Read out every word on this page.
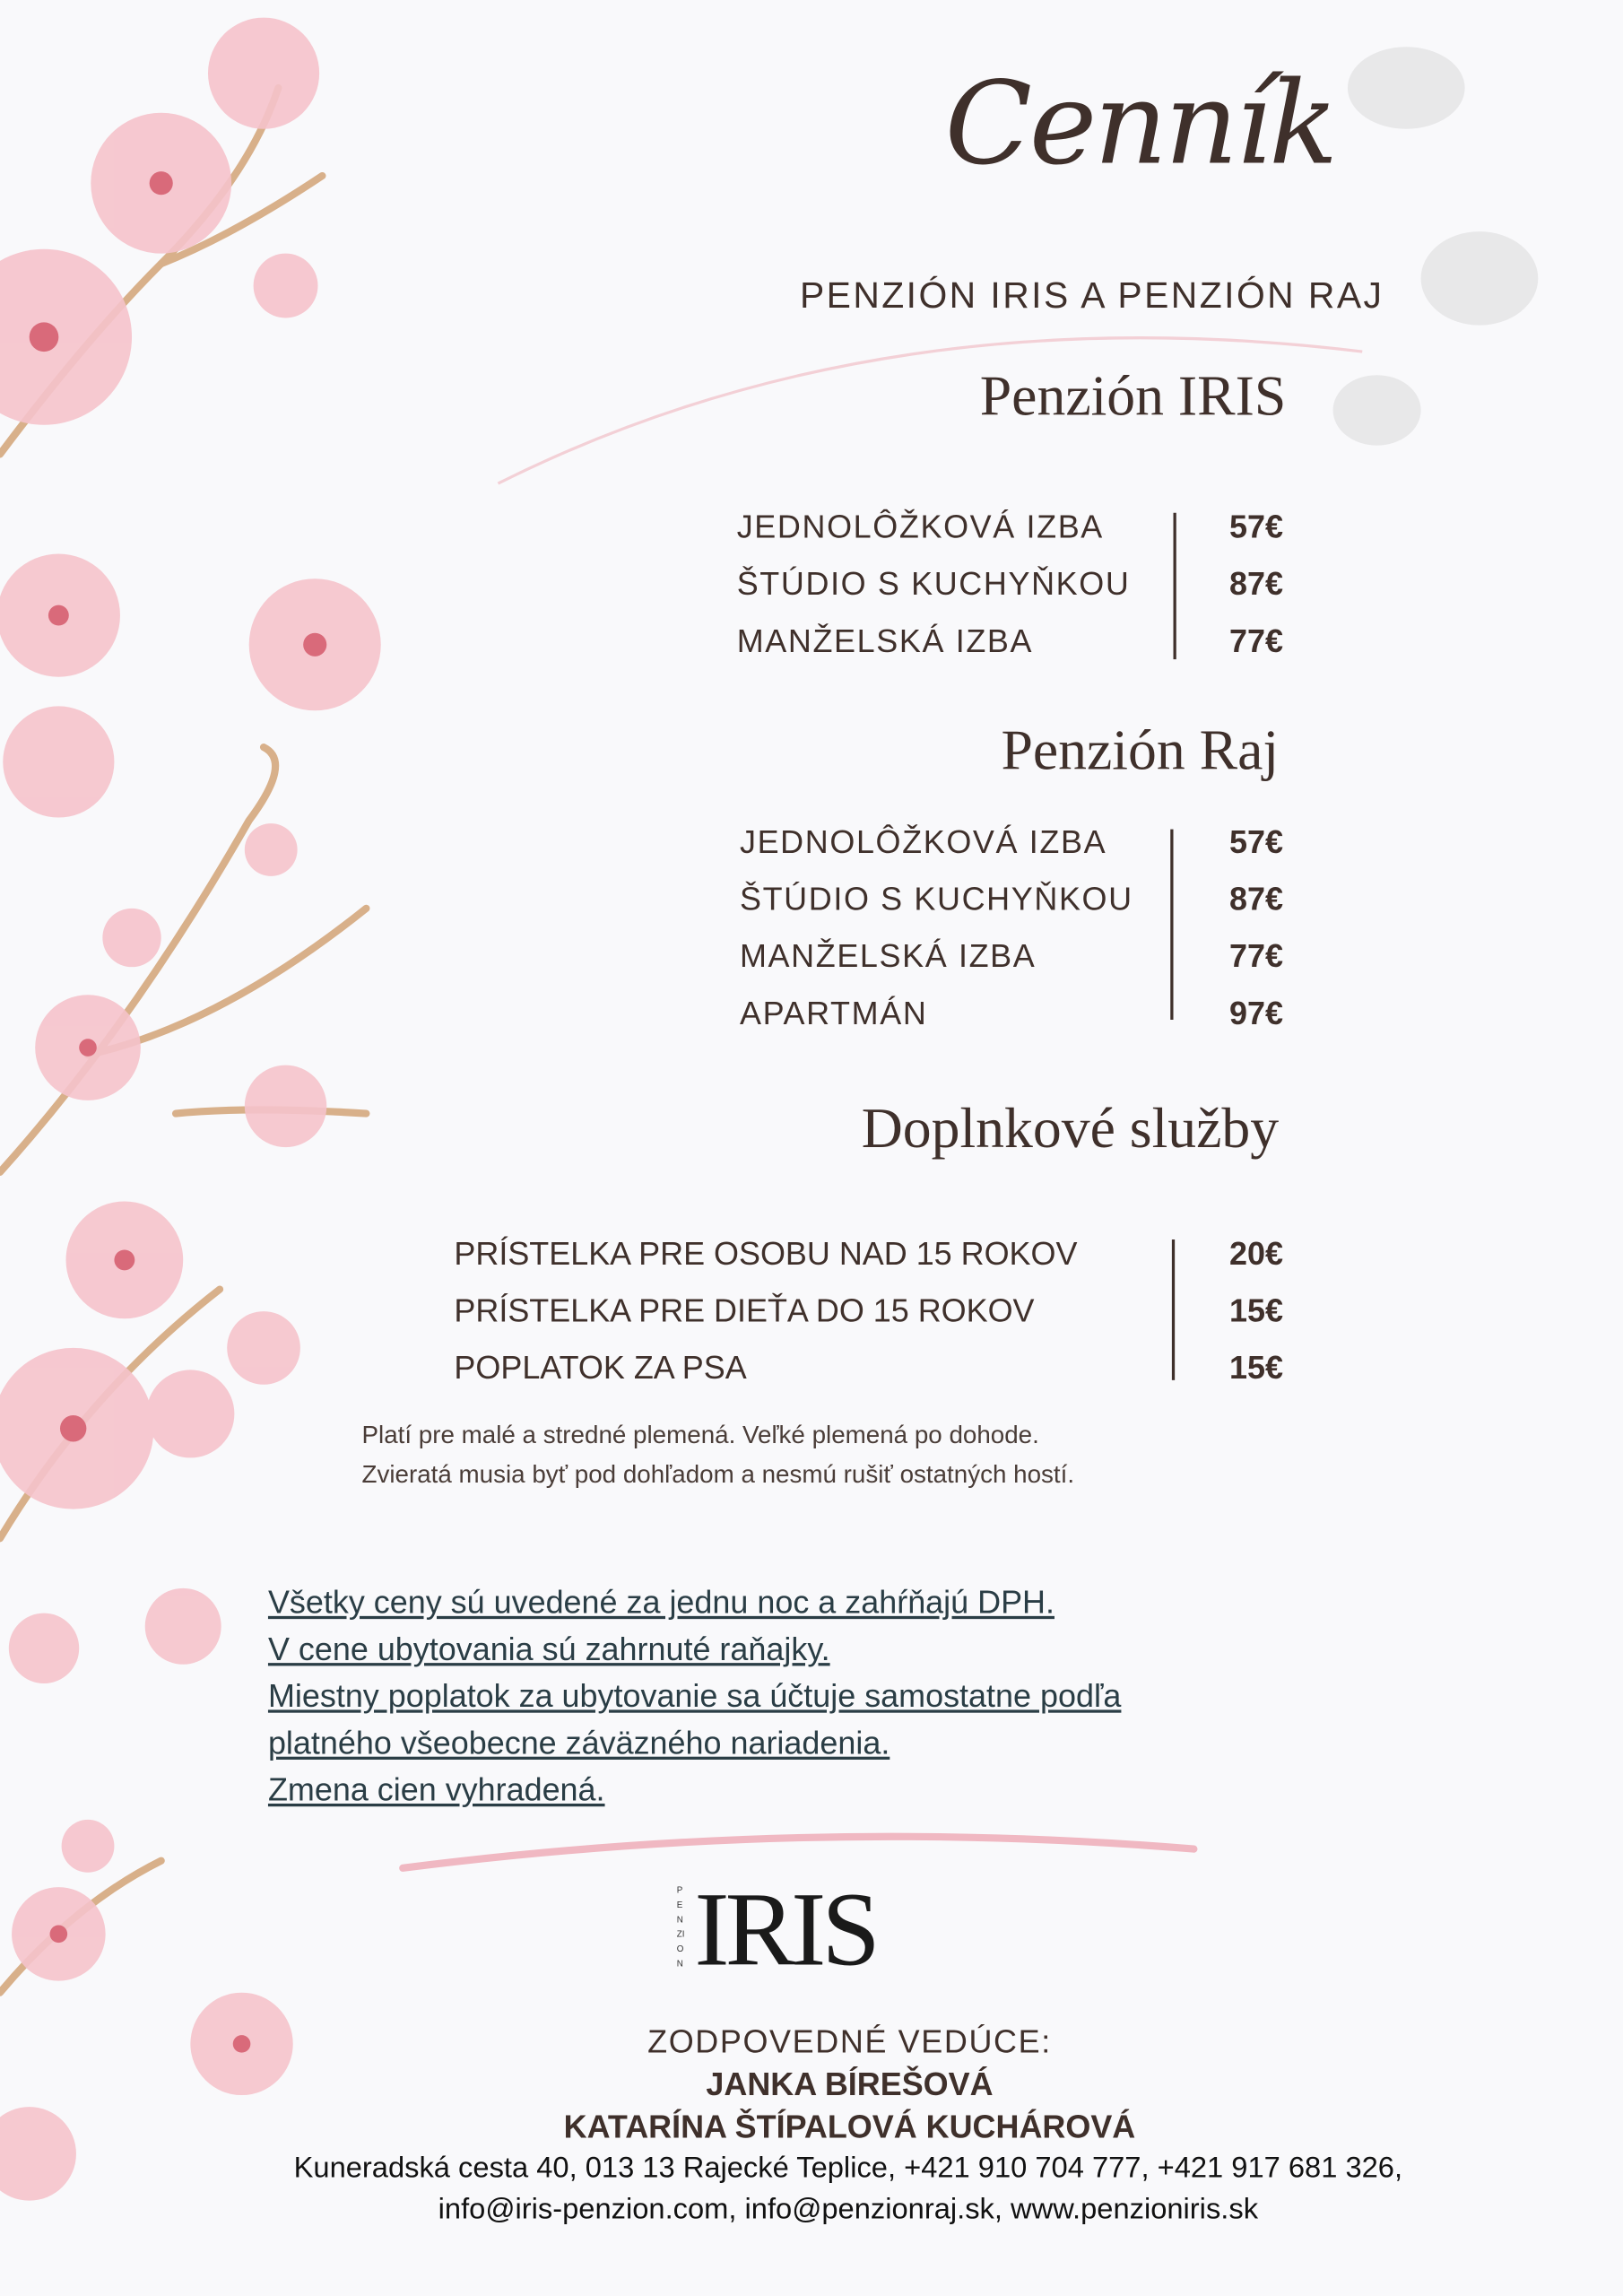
Cenník
PENZIÓN IRIS A PENZIÓN RAJ
Penzión IRIS
JEDNOLÔŽKOVÁ IZBA
ŠTÚDIO S KUCHYŇKOU
MANŽELSKÁ IZBA
57€
87€
77€
Penzión Raj
JEDNOLÔŽKOVÁ IZBA
ŠTÚDIO S KUCHYŇKOU
MANŽELSKÁ IZBA
APARTMÁN
57€
87€
77€
97€
Doplnkové služby
PRÍSTELKA PRE OSOBU NAD 15 ROKOV
PRÍSTELKA PRE DIEŤA DO 15 ROKOV
POPLATOK ZA PSA
20€
15€
15€
Platí pre malé a stredné plemená. Veľké plemená po dohode.
Zvieratá musia byť pod dohľadom a nesmú rušiť ostatných hostí.
Všetky ceny sú uvedené za jednu noc a zahŕňajú DPH.
V cene ubytovania sú zahrnuté raňajky.
Miestny poplatok za ubytovanie sa účtuje samostatne podľa
platného všeobecne záväzného nariadenia.
Zmena cien vyhradená.
PENZION IRIS
ZODPOVEDNÉ VEDÚCE:
JANKA BÍREŠOVÁ
KATARÍNA ŠTÍPALOVÁ KUCHÁROVÁ
Kuneradská cesta 40, 013 13 Rajecké Teplice, +421 910 704 777, +421 917 681 326,
info@iris-penzion.com, info@penzionraj.sk, www.penzioniris.sk
